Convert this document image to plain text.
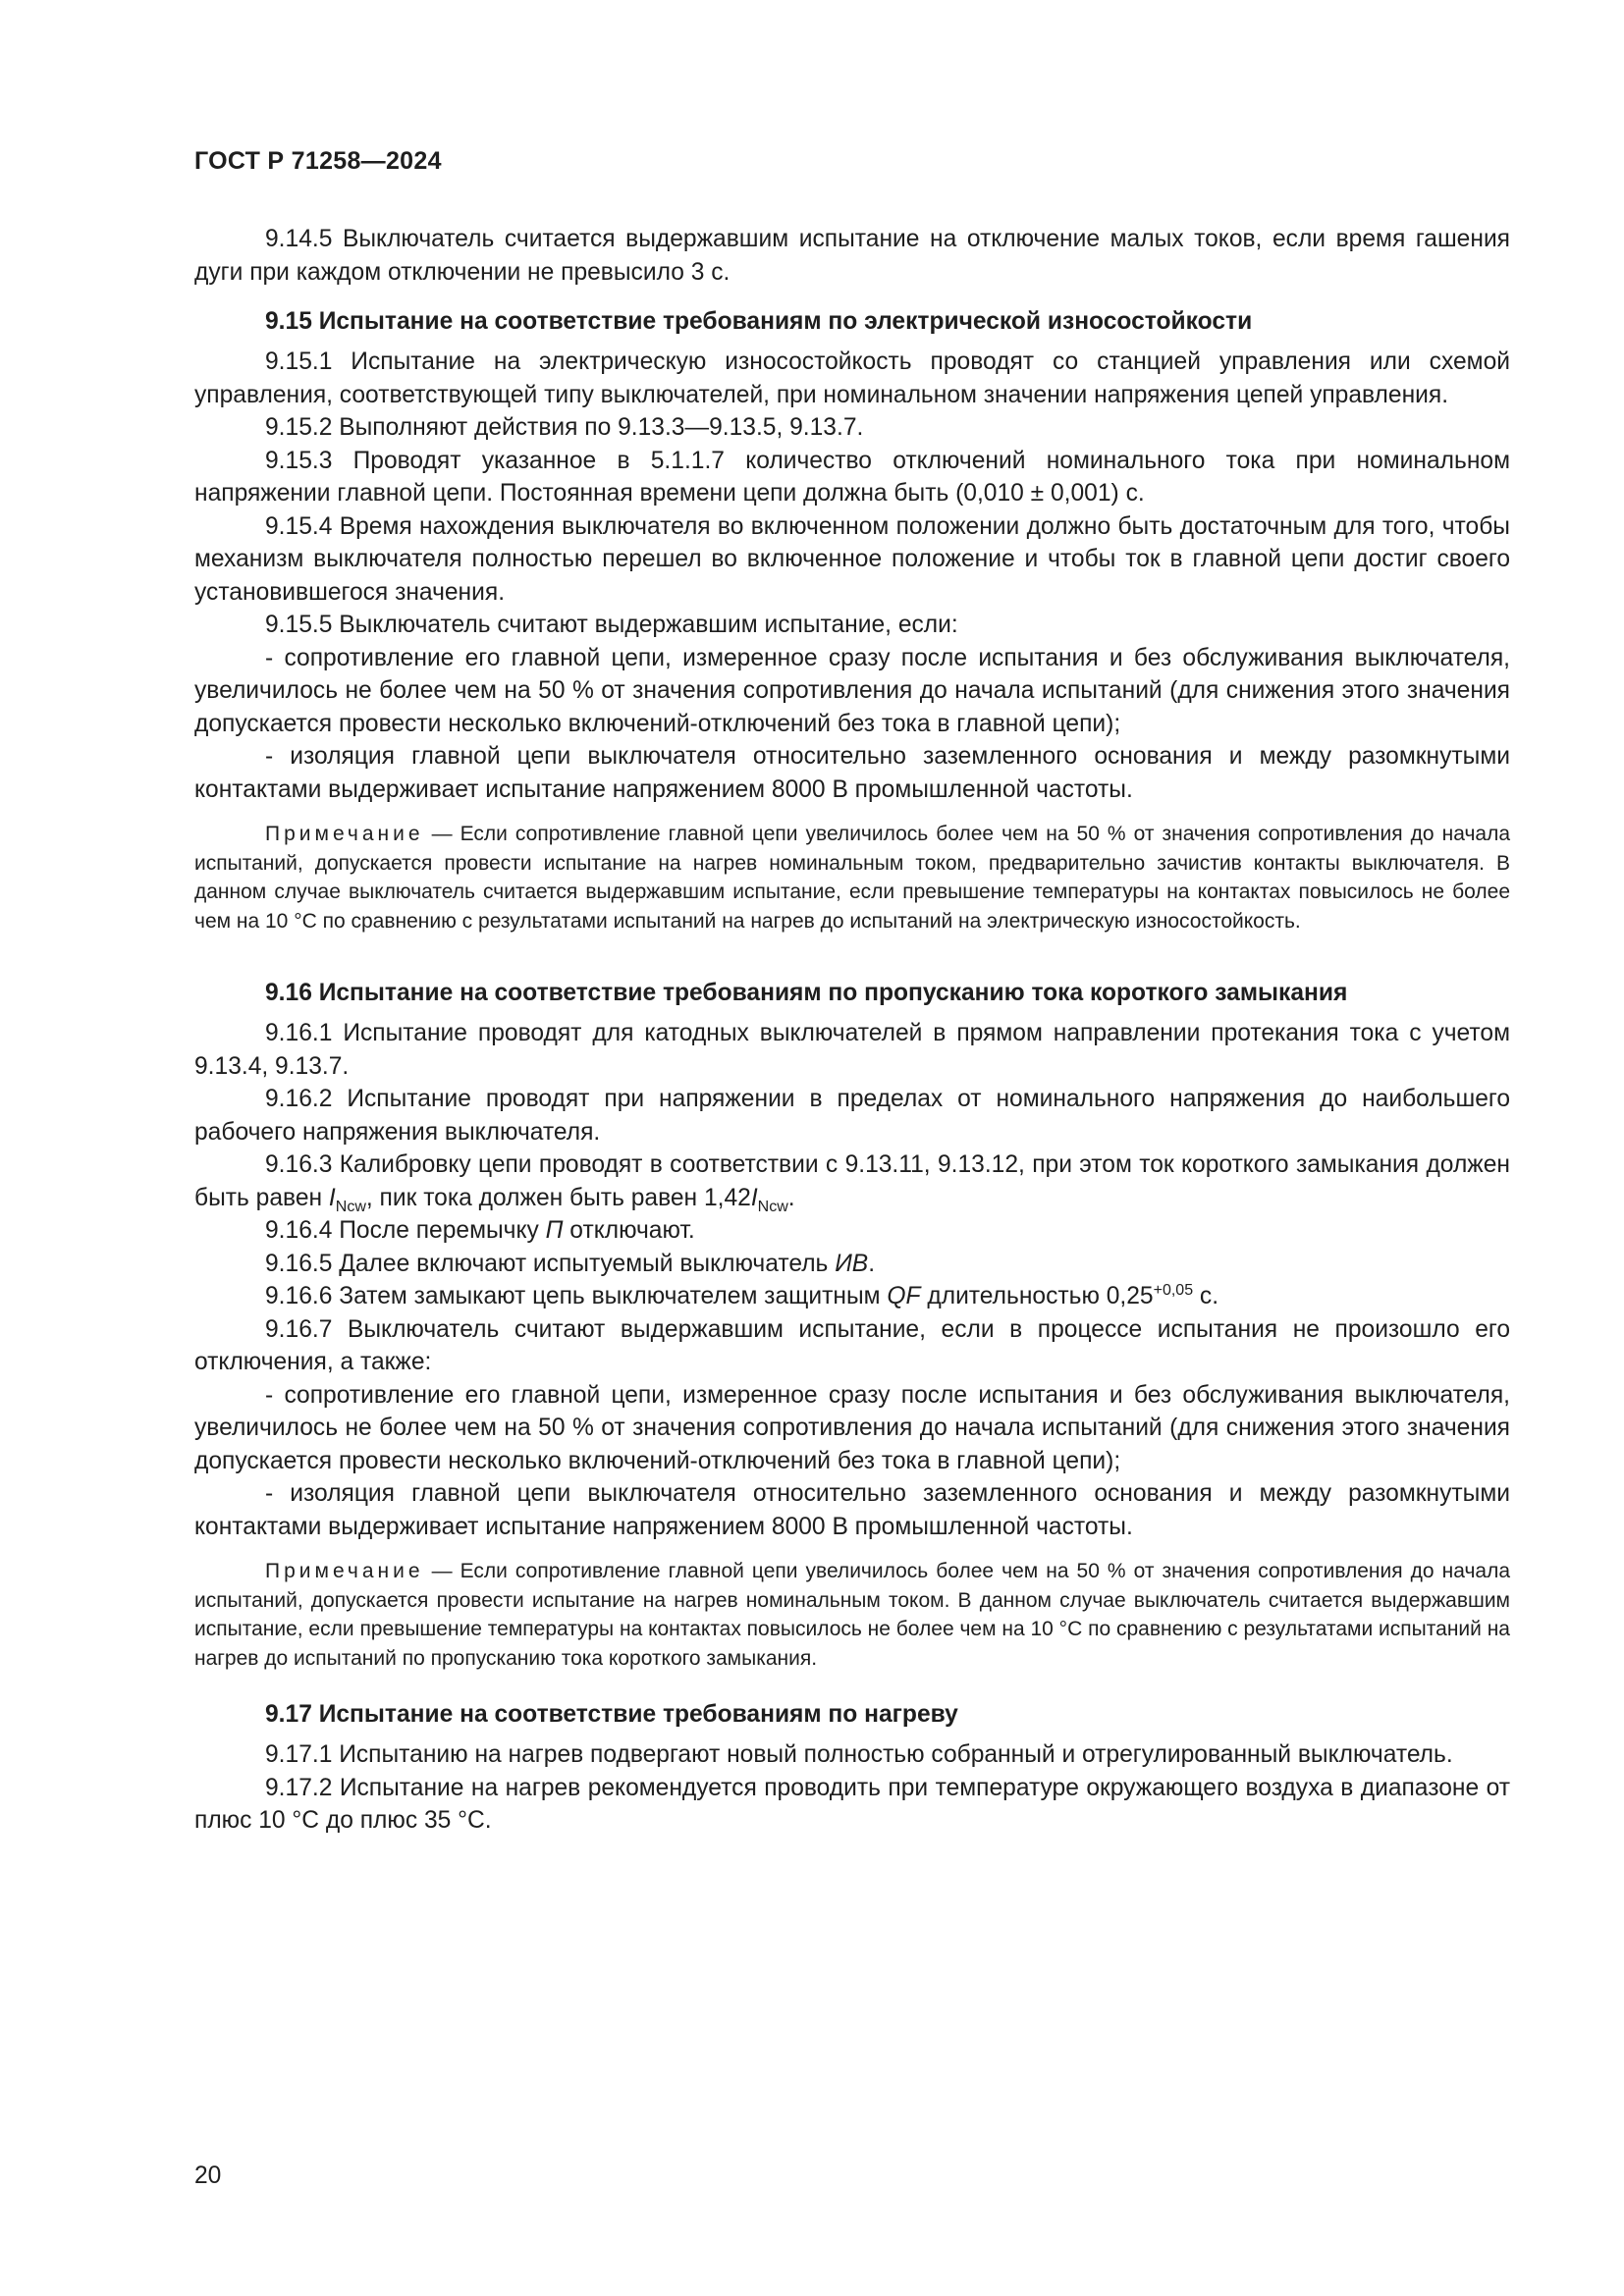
ГОСТ Р 71258—2024

9.14.5 Выключатель считается выдержавшим испытание на отключение малых токов, если время гашения дуги при каждом отключении не превысило 3 с.

9.15 Испытание на соответствие требованиям по электрической износостойкости

9.15.1 Испытание на электрическую износостойкость проводят со станцией управления или схемой управления, соответствующей типу выключателей, при номинальном значении напряжения цепей управления.

9.15.2 Выполняют действия по 9.13.3—9.13.5, 9.13.7.

9.15.3 Проводят указанное в 5.1.1.7 количество отключений номинального тока при номинальном напряжении главной цепи. Постоянная времени цепи должна быть (0,010 ± 0,001) с.

9.15.4 Время нахождения выключателя во включенном положении должно быть достаточным для того, чтобы механизм выключателя полностью перешел во включенное положение и чтобы ток в главной цепи достиг своего установившегося значения.

9.15.5 Выключатель считают выдержавшим испытание, если:

- сопротивление его главной цепи, измеренное сразу после испытания и без обслуживания выключателя, увеличилось не более чем на 50 % от значения сопротивления до начала испытаний (для снижения этого значения допускается провести несколько включений-отключений без тока в главной цепи);

- изоляция главной цепи выключателя относительно заземленного основания и между разомкнутыми контактами выдерживает испытание напряжением 8000 В промышленной частоты.

Примечание — Если сопротивление главной цепи увеличилось более чем на 50 % от значения сопротивления до начала испытаний, допускается провести испытание на нагрев номинальным током, предварительно зачистив контакты выключателя. В данном случае выключатель считается выдержавшим испытание, если превышение температуры на контактах повысилось не более чем на 10 °С по сравнению с результатами испытаний на нагрев до испытаний на электрическую износостойкость.
9.16 Испытание на соответствие требованиям по пропусканию тока короткого замыкания

9.16.1 Испытание проводят для катодных выключателей в прямом направлении протекания тока с учетом 9.13.4, 9.13.7.

9.16.2 Испытание проводят при напряжении в пределах от номинального напряжения до наибольшего рабочего напряжения выключателя.

9.16.3 Калибровку цепи проводят в соответствии с 9.13.11, 9.13.12, при этом ток короткого замыкания должен быть равен $I_{Ncw}$, пик тока должен быть равен $1,42I_{Ncw}$.

9.16.4 После перемычку П отключают.

9.16.5 Далее включают испытуемый выключатель ИВ.

9.16.6 Затем замыкают цепь выключателем защитным QF длительностью $0,25^{+0,05}$ с.

9.16.7 Выключатель считают выдержавшим испытание, если в процессе испытания не произошло его отключения, а также:

- сопротивление его главной цепи, измеренное сразу после испытания и без обслуживания выключателя, увеличилось не более чем на 50 % от значения сопротивления до начала испытаний (для снижения этого значения допускается провести несколько включений-отключений без тока в главной цепи);

- изоляция главной цепи выключателя относительно заземленного основания и между разомкнутыми контактами выдерживает испытание напряжением 8000 В промышленной частоты.

Примечание — Если сопротивление главной цепи увеличилось более чем на 50 % от значения сопротивления до начала испытаний, допускается провести испытание на нагрев номинальным током. В данном случае выключатель считается выдержавшим испытание, если превышение температуры на контактах повысилось не более чем на 10 °С по сравнению с результатами испытаний на нагрев до испытаний по пропусканию тока короткого замыкания.
9.17 Испытание на соответствие требованиям по нагреву

9.17.1 Испытанию на нагрев подвергают новый полностью собранный и отрегулированный выключатель.

9.17.2 Испытание на нагрев рекомендуется проводить при температуре окружающего воздуха в диапазоне от плюс 10 °С до плюс 35 °С.

20
